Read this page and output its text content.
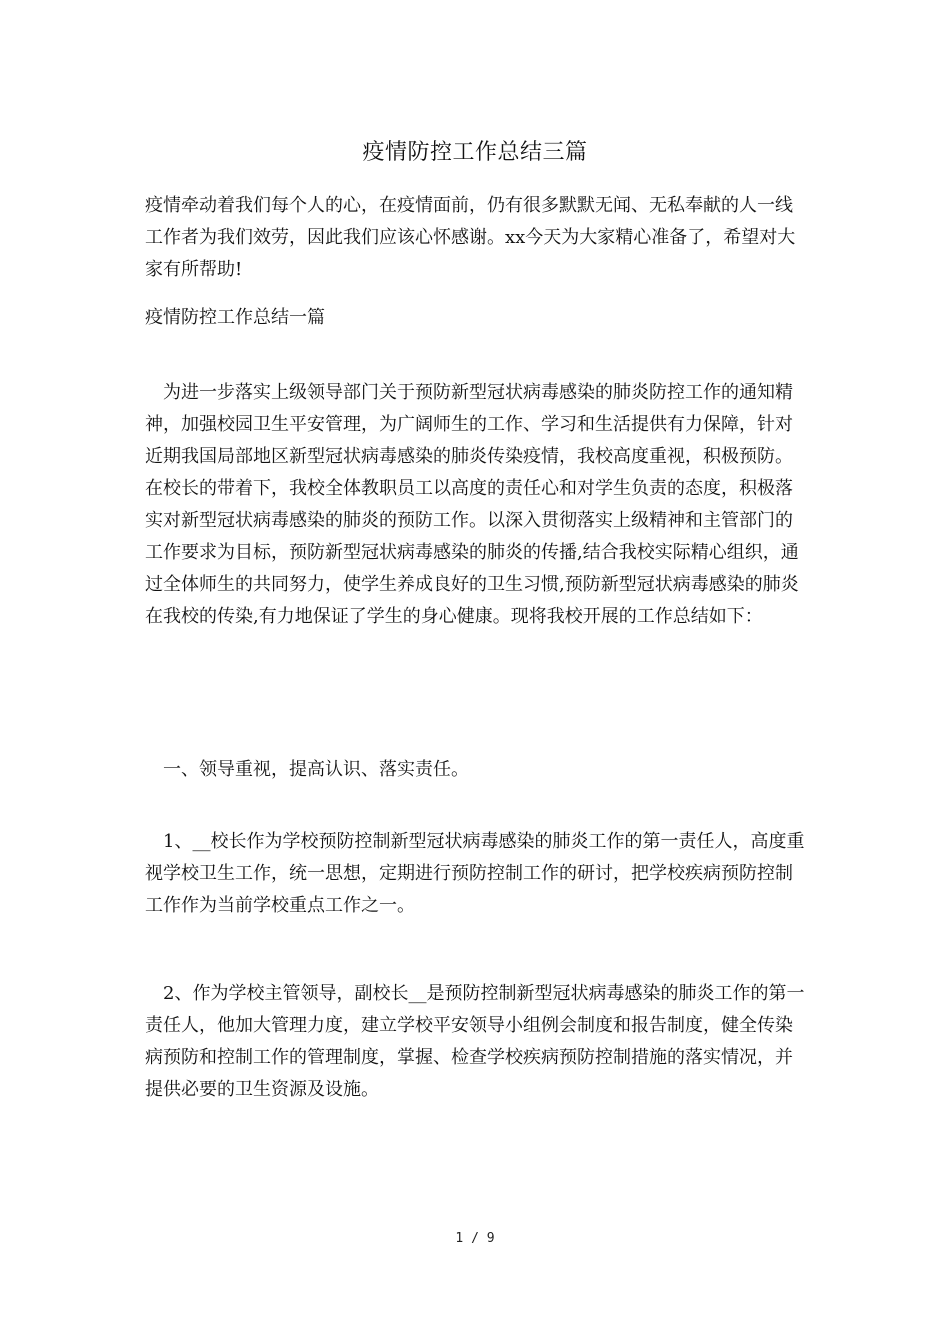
疫情防控工作总结三篇

疫情牵动着我们每个人的心，在疫情面前，仍有很多默默无闻、无私奉献的人一线工作者为我们效劳，因此我们应该心怀感谢。xx今天为大家精心准备了，希望对大家有所帮助!

疫情防控工作总结一篇

为进一步落实上级领导部门关于预防新型冠状病毒感染的肺炎防控工作的通知精神，加强校园卫生平安管理，为广阔师生的工作、学习和生活提供有力保障，针对近期我国局部地区新型冠状病毒感染的肺炎传染疫情，我校高度重视，积极预防。在校长的带着下，我校全体教职员工以高度的责任心和对学生负责的态度，积极落实对新型冠状病毒感染的肺炎的预防工作。以深入贯彻落实上级精神和主管部门的工作要求为目标，预防新型冠状病毒感染的肺炎的传播,结合我校实际精心组织，通过全体师生的共同努力，使学生养成良好的卫生习惯,预防新型冠状病毒感染的肺炎在我校的传染,有力地保证了学生的身心健康。现将我校开展的工作总结如下：

一、领导重视，提高认识、落实责任。

1、__校长作为学校预防控制新型冠状病毒感染的肺炎工作的第一责任人，高度重视学校卫生工作，统一思想，定期进行预防控制工作的研讨，把学校疾病预防控制工作作为当前学校重点工作之一。

2、作为学校主管领导，副校长__是预防控制新型冠状病毒感染的肺炎工作的第一责任人，他加大管理力度，建立学校平安领导小组例会制度和报告制度，健全传染病预防和控制工作的管理制度，掌握、检查学校疾病预防控制措施的落实情况，并提供必要的卫生资源及设施。

1 / 9
